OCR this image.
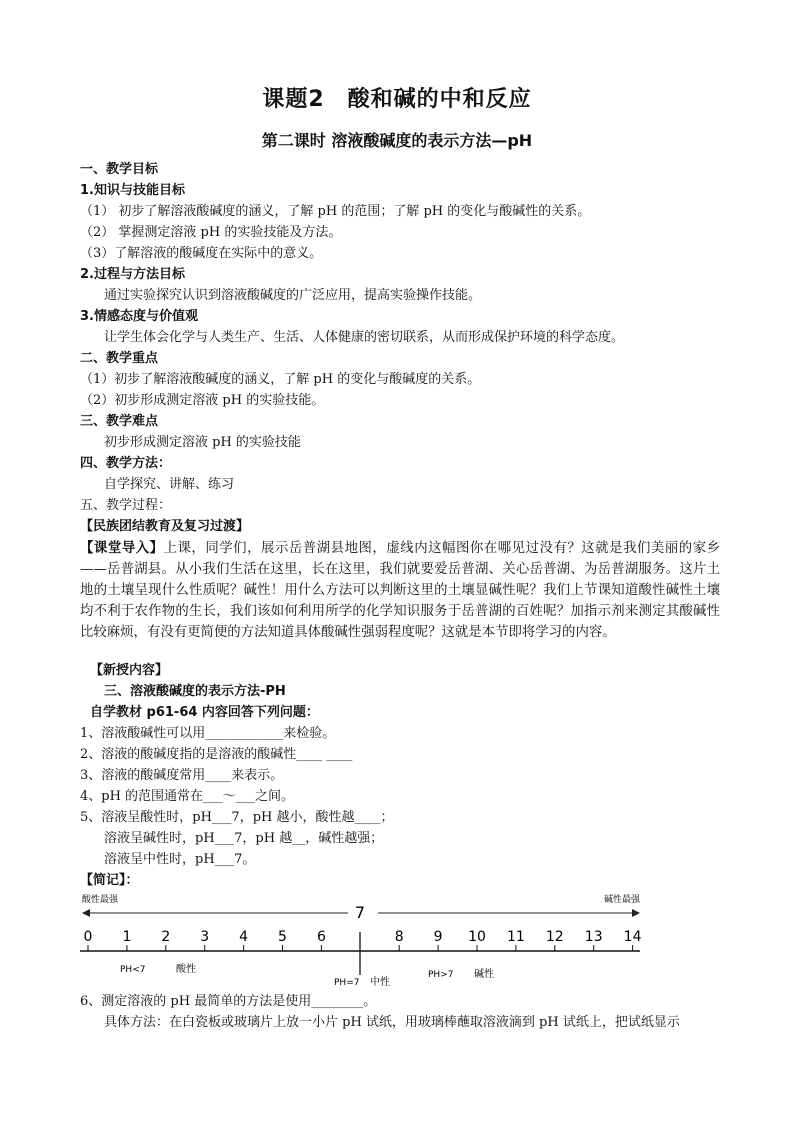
课题2　酸和碱的中和反应
第二课时 溶液酸碱度的表示方法—pH
一、教学目标
1.知识与技能目标
（1） 初步了解溶液酸碱度的涵义，了解 pH 的范围；了解 pH 的变化与酸碱性的关系。
（2） 掌握测定溶液 pH 的实验技能及方法。
（3）了解溶液的酸碱度在实际中的意义。
2.过程与方法目标
通过实验探究认识到溶液酸碱度的广泛应用，提高实验操作技能。
3.情感态度与价值观
让学生体会化学与人类生产、生活、人体健康的密切联系，从而形成保护环境的科学态度。
二、教学重点
（1）初步了解溶液酸碱度的涵义，了解 pH 的变化与酸碱度的关系。
（2）初步形成测定溶液 pH 的实验技能。
三、教学难点
初步形成测定溶液 pH 的实验技能
四、教学方法：
自学探究、讲解、练习
五、教学过程：
【民族团结教育及复习过渡】
【课堂导入】上课，同学们，展示岳普湖县地图，虚线内这幅图你在哪见过没有？这就是我们美丽的家乡——岳普湖县。从小我们生活在这里，长在这里，我们就要爱岳普湖、关心岳普湖、为岳普湖服务。这片土地的土壤呈现什么性质呢？碱性！用什么方法可以判断这里的土壤显碱性呢？我们上节课知道酸性碱性土壤均不利于农作物的生长，我们该如何利用所学的化学知识服务于岳普湖的百姓呢？加指示剂来测定其酸碱性比较麻烦，有没有更简便的方法知道具体酸碱性强弱程度呢？这就是本节即将学习的内容。
【新授内容】
三、溶液酸碱度的表示方法-PH
自学教材 p61-64 内容回答下列问题：
1、溶液酸碱性可以用____________来检验。
2、溶液的酸碱度指的是溶液的酸碱性____ ____
3、溶液的酸碱度常用____来表示。
4、pH 的范围通常在___～___之间。
5、溶液呈酸性时，pH___7，pH 越小，酸性越____；
溶液呈碱性时，pH___7，pH 越__，碱性越强；
溶液呈中性时，pH___7。
【简记】：
酸性最强	碱性最强
7
0 1 2 3 4 5 6	8 9 10 11 12 13 14
PH<7	酸性
PH=7 中性
PH>7 碱性
6、测定溶液的 pH 最简单的方法是使用________。
具体方法：在白瓷板或玻璃片上放一小片 pH 试纸，用玻璃棒蘸取溶液滴到 pH 试纸上，把试纸显示
